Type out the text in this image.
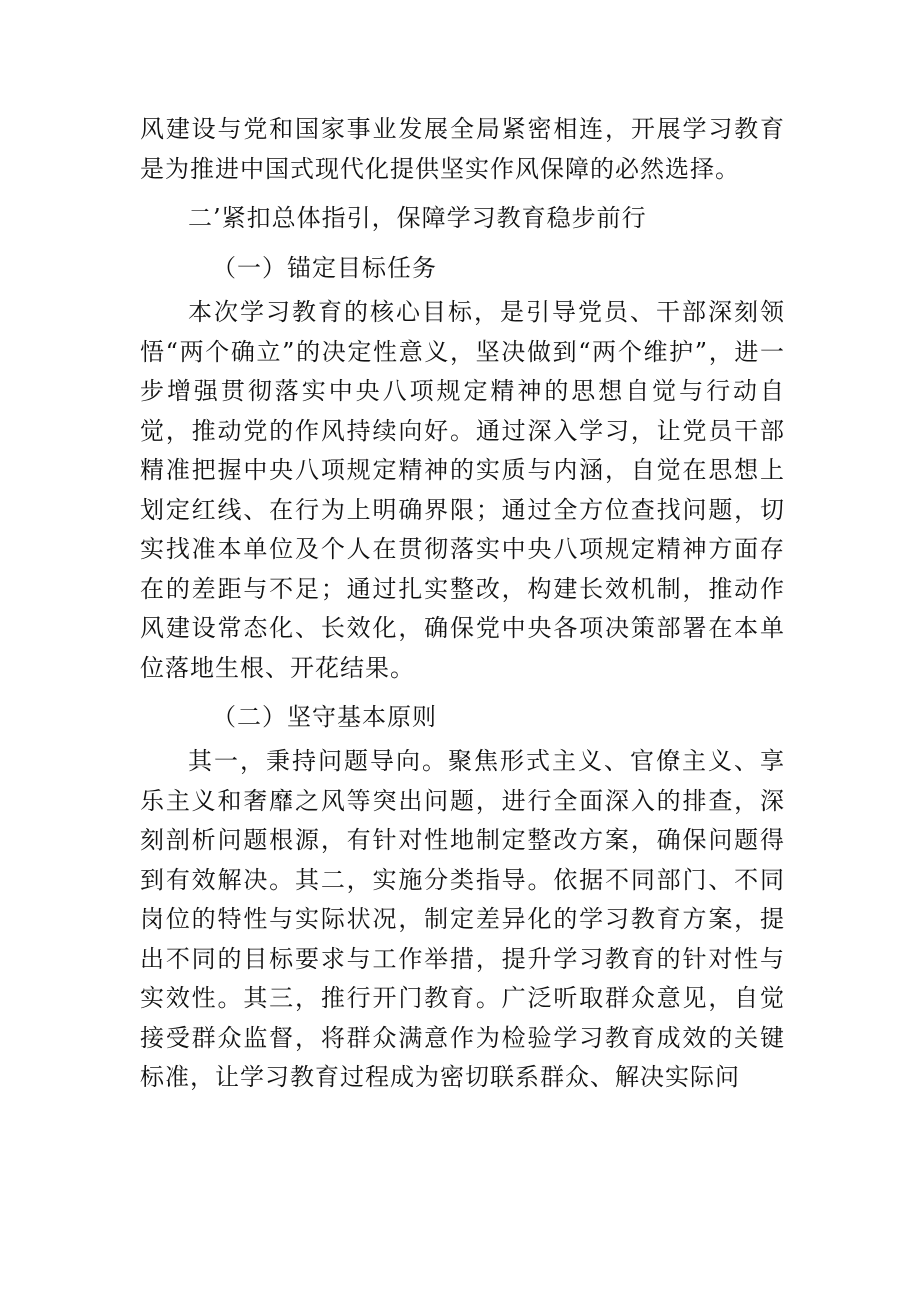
风建设与党和国家事业发展全局紧密相连，开展学习教育是为推进中国式现代化提供坚实作风保障的必然选择。

二’紧扣总体指引，保障学习教育稳步前行
（一）锚定目标任务

本次学习教育的核心目标，是引导党员、干部深刻领悟“两个确立”的决定性意义，坚决做到“两个维护”，进一步增强贯彻落实中央八项规定精神的思想自觉与行动自觉，推动党的作风持续向好。通过深入学习，让党员干部精准把握中央八项规定精神的实质与内涵，自觉在思想上划定红线、在行为上明确界限；通过全方位查找问题，切实找准本单位及个人在贯彻落实中央八项规定精神方面存在的差距与不足；通过扎实整改，构建长效机制，推动作风建设常态化、长效化，确保党中央各项决策部署在本单位落地生根、开花结果。

（二）坚守基本原则

其一，秉持问题导向。聚焦形式主义、官僚主义、享乐主义和奢靡之风等突出问题，进行全面深入的排查，深刻剖析问题根源，有针对性地制定整改方案，确保问题得到有效解决。其二，实施分类指导。依据不同部门、不同岗位的特性与实际状况，制定差异化的学习教育方案，提出不同的目标要求与工作举措，提升学习教育的针对性与实效性。其三，推行开门教育。广泛听取群众意见，自觉接受群众监督，将群众满意作为检验学习教育成效的关键标准，让学习教育过程成为密切联系群众、解决实际问
